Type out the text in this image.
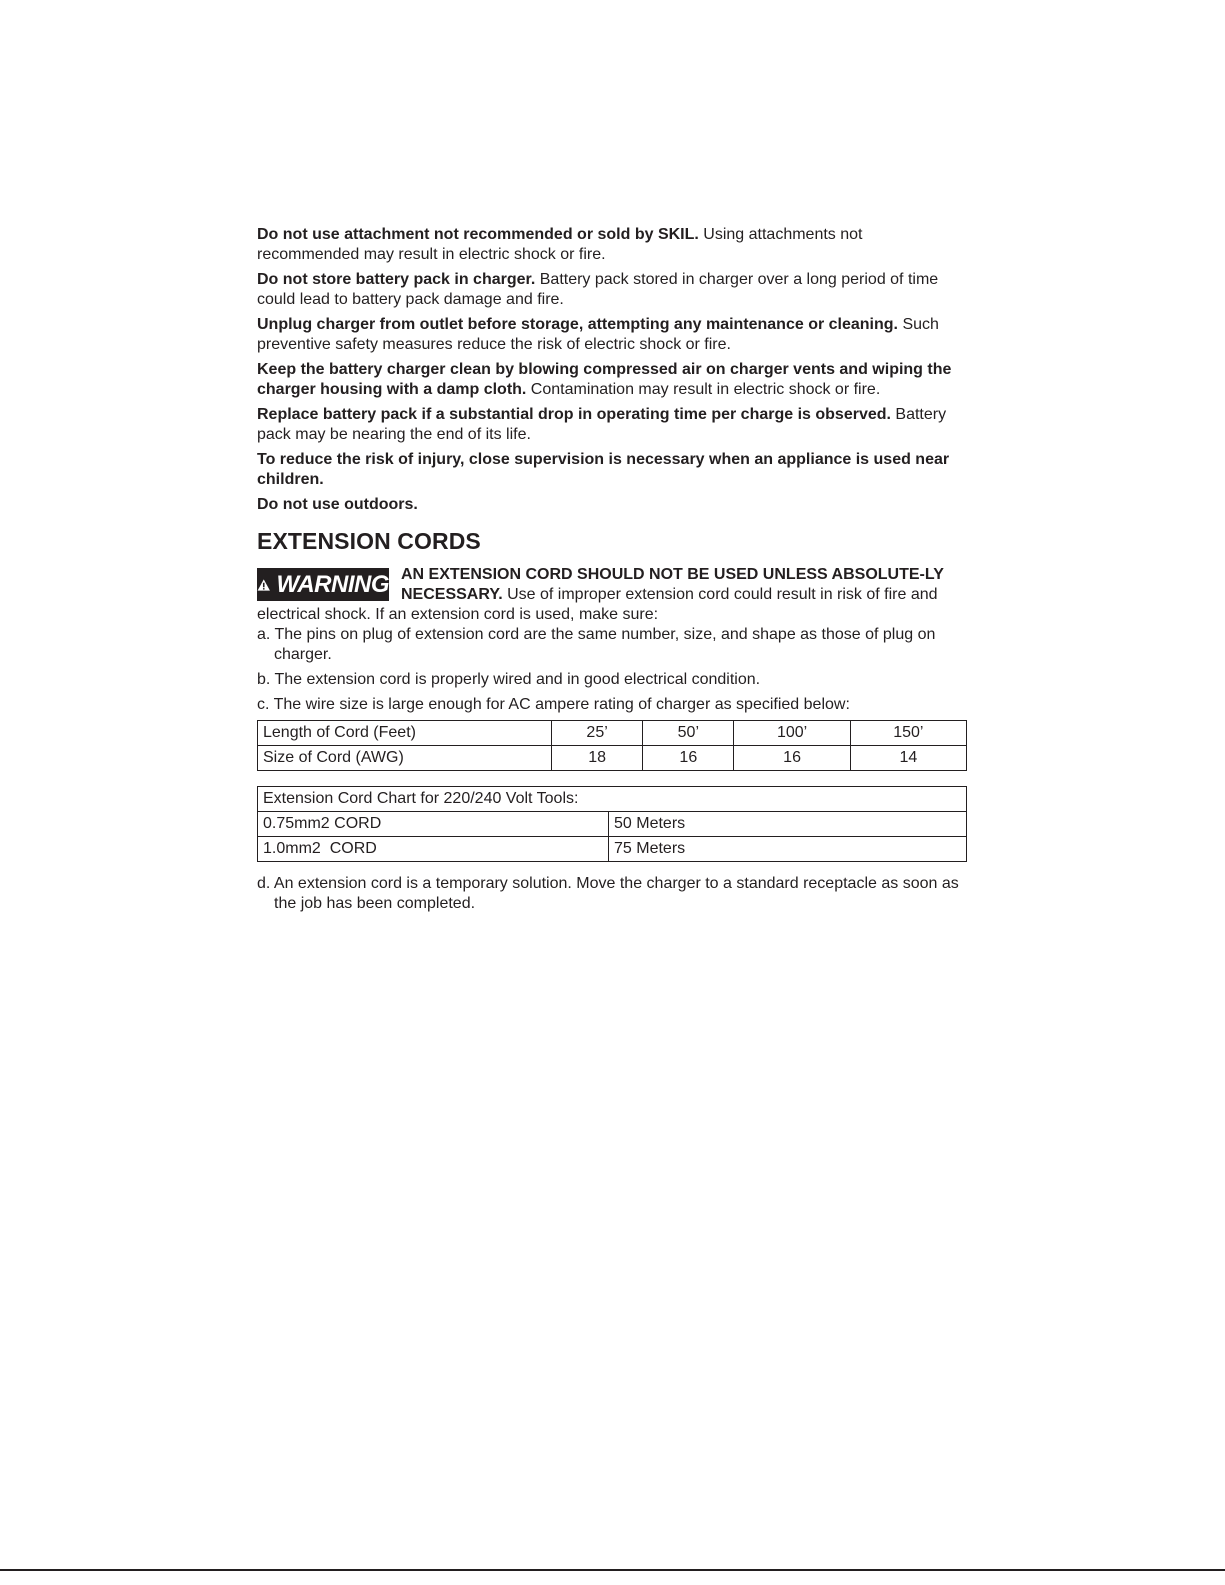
Do not use attachment not recommended or sold by SKIL. Using attachments not recommended may result in electric shock or fire.

Do not store battery pack in charger. Battery pack stored in charger over a long period of time could lead to battery pack damage and fire.

Unplug charger from outlet before storage, attempting any maintenance or cleaning. Such preventive safety measures reduce the risk of electric shock or fire.

Keep the battery charger clean by blowing compressed air on charger vents and wiping the charger housing with a damp cloth. Contamination may result in electric shock or fire.

Replace battery pack if a substantial drop in operating time per charge is observed. Battery pack may be nearing the end of its life.

To reduce the risk of injury, close supervision is necessary when an appliance is used near children.

Do not use outdoors.

EXTENSION CORDS
WARNING AN EXTENSION CORD SHOULD NOT BE USED UNLESS ABSOLUTE-LY NECESSARY. Use of improper extension cord could result in risk of fire and electrical shock. If an extension cord is used, make sure:
a. The pins on plug of extension cord are the same number, size, and shape as those of plug on charger.
b. The extension cord is properly wired and in good electrical condition.
c. The wire size is large enough for AC ampere rating of charger as specified below:
Length of Cord (Feet)	25’	50’	100’	150’
Size of Cord (AWG)	18	16	16	14
Extension Cord Chart for 220/240 Volt Tools:	
0.75mm2 CORD	50 Meters
1.0mm2  CORD	75 Meters
d. An extension cord is a temporary solution. Move the charger to a standard receptacle as soon as the job has been completed.
